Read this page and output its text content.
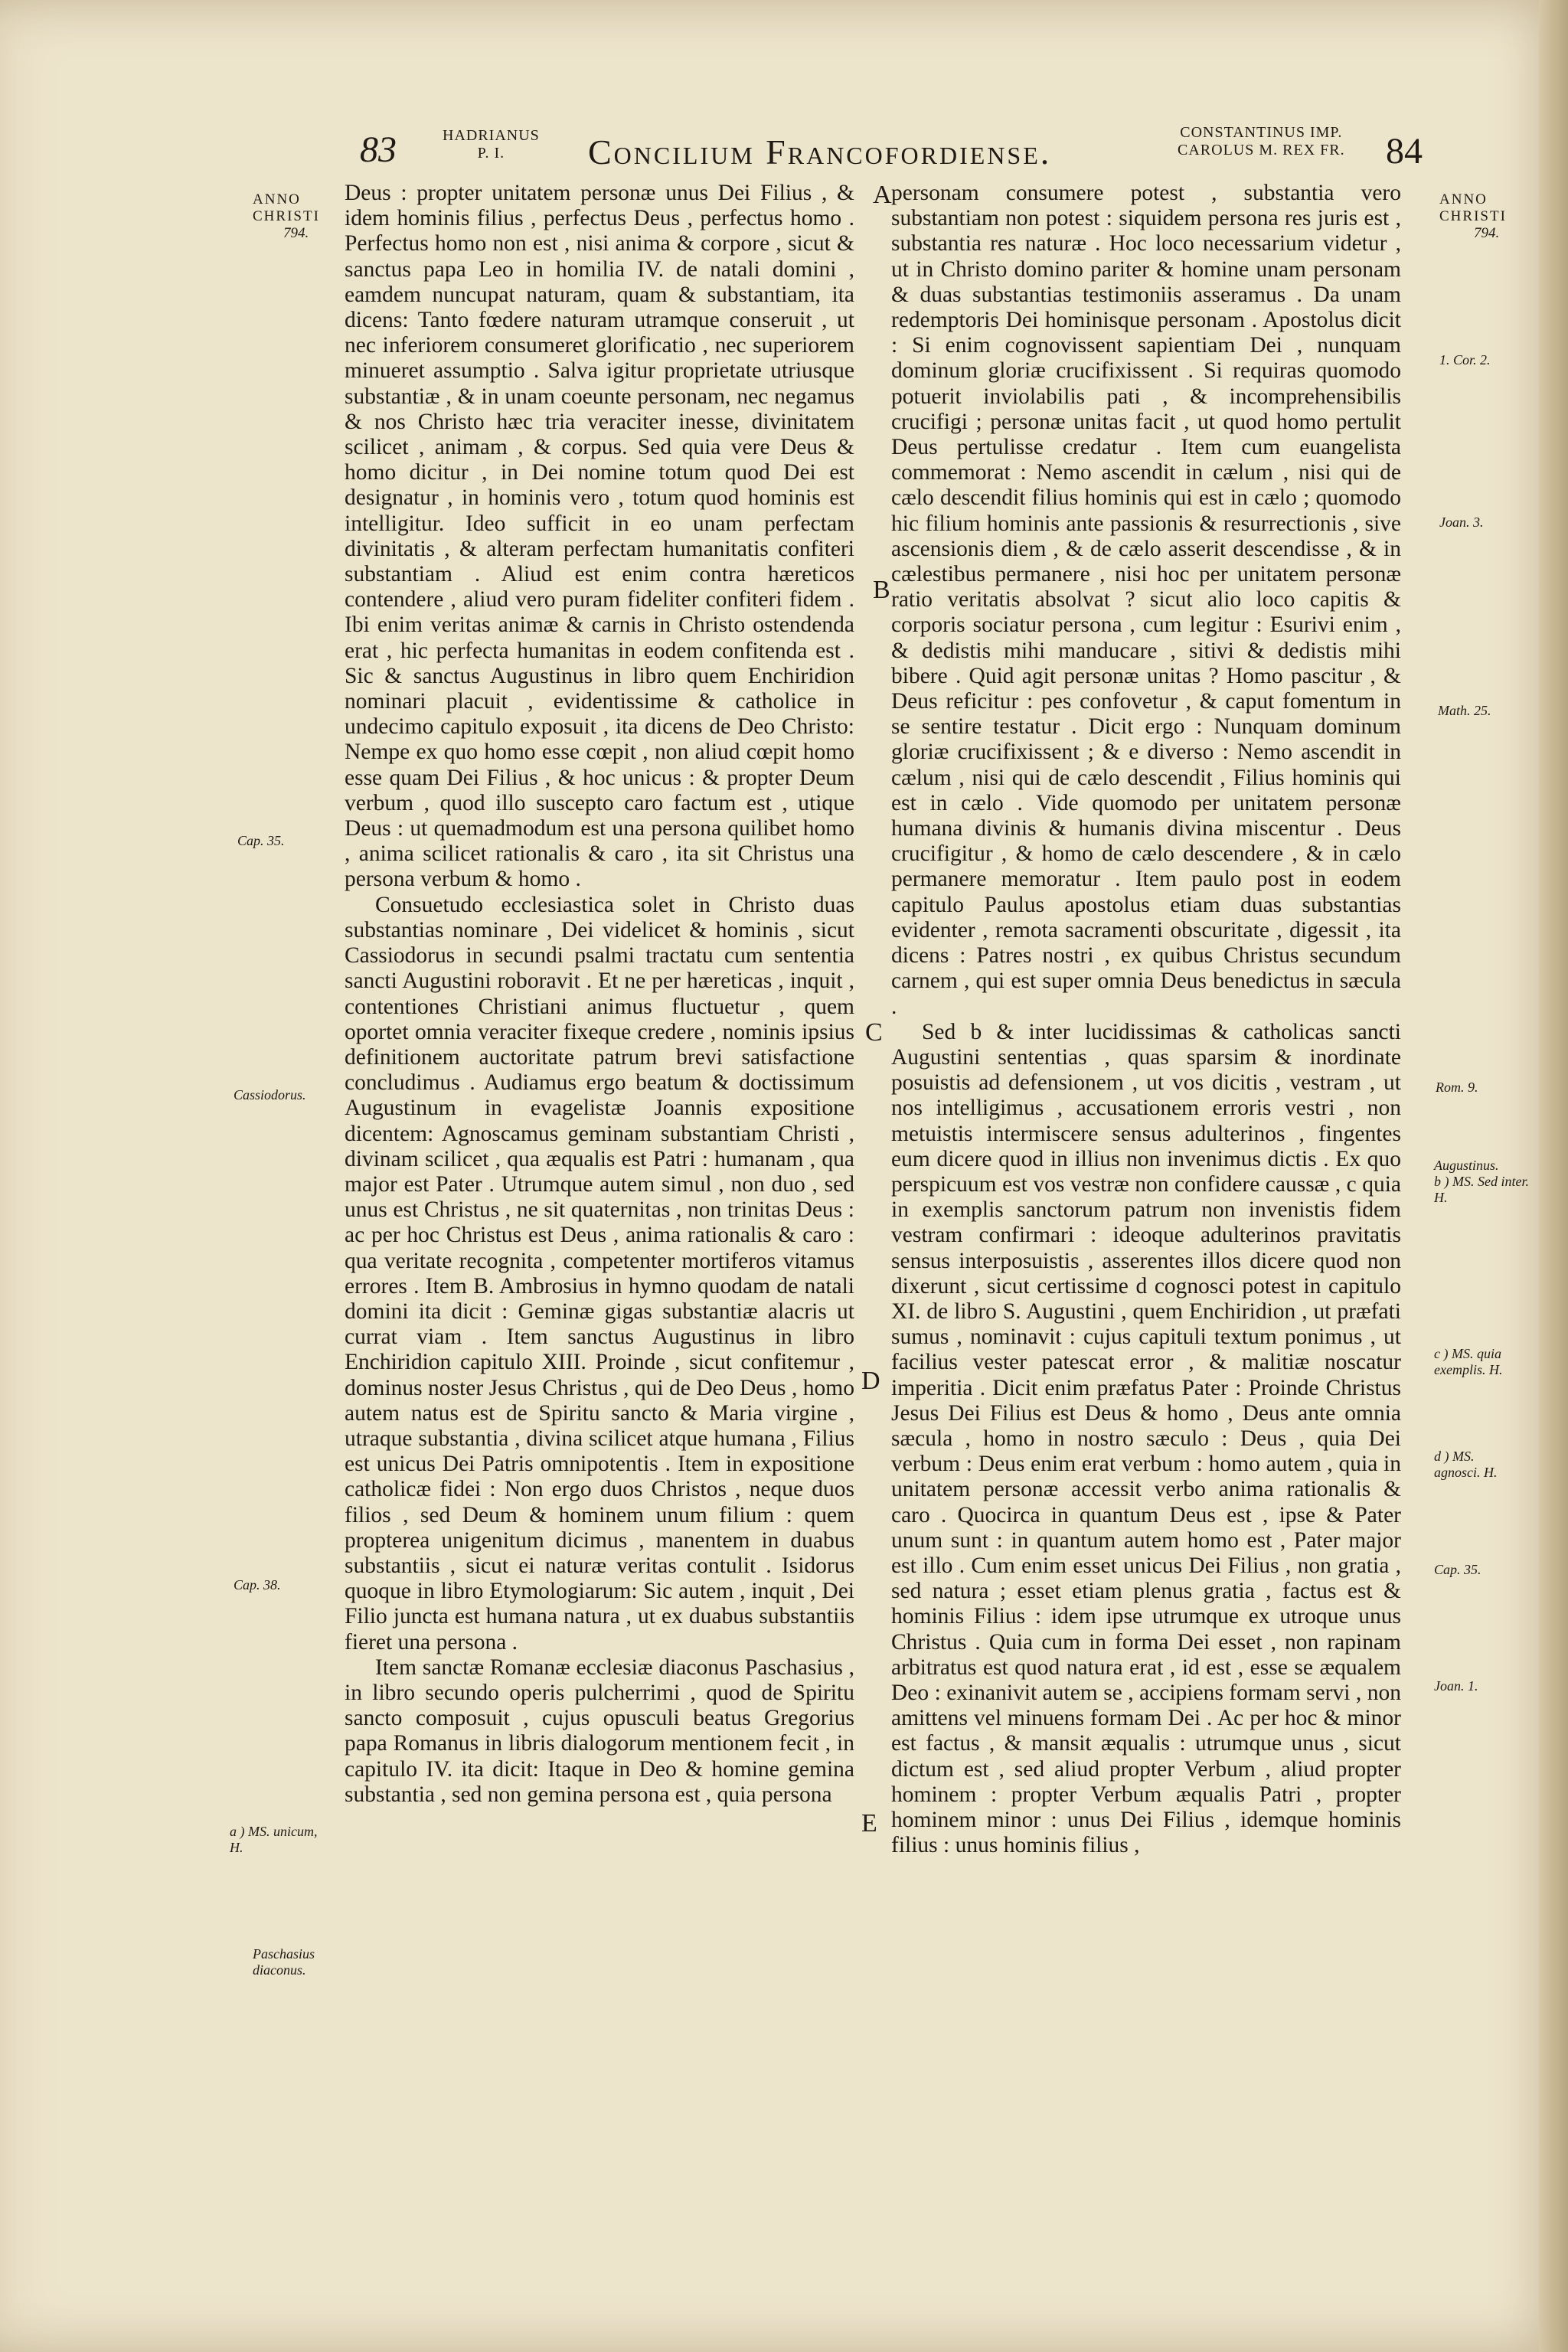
83	HADRIANUS
P. I.	Concilium Francofordiense.	CONSTANTINUS IMP.
CAROLUS M. REX FR. 84
ANNO
CHRISTI
794.
Cap. 35.
Cassiodorus.
Cap. 38.
a ) MS. unicum, H.
Paschasius diaconus.
A
B
C
D
E

Deus : propter unitatem personæ unus Dei Filius , & idem hominis filius , perfectus Deus , perfectus homo . Perfectus homo non est , nisi anima & corpore , sicut & sanctus papa Leo in homilia IV. de natali domini , eamdem nuncupat naturam, quam & substantiam, ita dicens: Tanto fœdere naturam utramque conseruit , ut nec inferiorem consumeret glorificatio , nec superiorem minueret assumptio . Salva igitur proprietate utriusque substantiæ , & in unam coeunte personam, nec negamus & nos Christo hæc tria veraciter inesse, divinitatem scilicet , animam , & corpus. Sed quia vere Deus & homo dicitur , in Dei nomine totum quod Dei est designatur , in hominis vero , totum quod hominis est intelligitur. Ideo sufficit in eo unam perfectam divinitatis , & alteram perfectam humanitatis confiteri substantiam . Aliud est enim contra hæreticos contendere , aliud vero puram fideliter confiteri fidem . Ibi enim veritas animæ & carnis in Christo ostendenda erat , hic perfecta humanitas in eodem confitenda est . Sic & sanctus Augustinus in libro quem Enchiridion nominari placuit , evidentissime & catholice in undecimo capitulo exposuit , ita dicens de Deo Christo: Nempe ex quo homo esse cœpit , non aliud cœpit homo esse quam Dei Filius , & hoc unicus : & propter Deum verbum , quod illo suscepto caro factum est , utique Deus : ut quemadmodum est una persona quilibet homo , anima scilicet rationalis & caro , ita sit Christus una persona verbum & homo .

Consuetudo ecclesiastica solet in Christo duas substantias nominare , Dei videlicet & hominis , sicut Cassiodorus in secundi psalmi tractatu cum sententia sancti Augustini roboravit . Et ne per hæreticas , inquit , contentiones Christiani animus fluctuetur , quem oportet omnia veraciter fixeque credere , nominis ipsius definitionem auctoritate patrum brevi satisfactione concludimus . Audiamus ergo beatum & doctissimum Augustinum in evagelistæ Joannis expositione dicentem: Agnoscamus geminam substantiam Christi , divinam scilicet , qua æqualis est Patri : humanam , qua major est Pater . Utrumque autem simul , non duo , sed unus est Christus , ne sit quaternitas , non trinitas Deus : ac per hoc Christus est Deus , anima rationalis & caro : qua veritate recognita , competenter mortiferos vitamus errores . Item B. Ambrosius in hymno quodam de natali domini ita dicit : Geminæ gigas substantiæ alacris ut currat viam . Item sanctus Augustinus in libro Enchiridion capitulo XIII. Proinde , sicut confitemur , dominus noster Jesus Christus , qui de Deo Deus , homo autem natus est de Spiritu sancto & Maria virgine , utraque substantia , divina scilicet atque humana , Filius est unicus Dei Patris omnipotentis . Item in expositione catholicæ fidei : Non ergo duos Christos , neque duos filios , sed Deum & hominem unum filium : quem propterea unigenitum dicimus , manentem in duabus substantiis , sicut ei naturæ veritas contulit . Isidorus quoque in libro Etymologiarum: Sic autem , inquit , Dei Filio juncta est humana natura , ut ex duabus substantiis fieret una persona .

Item sanctæ Romanæ ecclesiæ diaconus Paschasius , in libro secundo operis pulcherrimi , quod de Spiritu sancto composuit , cujus opusculi beatus Gregorius papa Romanus in libris dialogorum mentionem fecit , in capitulo IV. ita dicit: Itaque in Deo & homine gemina substantia , sed non gemina persona est , quia persona

personam consumere potest , substantia vero substantiam non potest : siquidem persona res juris est , substantia res naturæ . Hoc loco necessarium videtur , ut in Christo domino pariter & homine unam personam & duas substantias testimoniis asseramus . Da unam redemptoris Dei hominisque personam . Apostolus dicit : Si enim cognovissent sapientiam Dei , nunquam dominum gloriæ crucifixissent . Si requiras quomodo potuerit inviolabilis pati , & incomprehensibilis crucifigi ; personæ unitas facit , ut quod homo pertulit Deus pertulisse credatur . Item cum euangelista commemorat : Nemo ascendit in cælum , nisi qui de cælo descendit filius hominis qui est in cælo ; quomodo hic filium hominis ante passionis & resurrectionis , sive ascensionis diem , & de cælo asserit descendisse , & in cælestibus permanere , nisi hoc per unitatem personæ ratio veritatis absolvat ? sicut alio loco capitis & corporis sociatur persona , cum legitur : Esurivi enim , & dedistis mihi manducare , sitivi & dedistis mihi bibere . Quid agit personæ unitas ? Homo pascitur , & Deus reficitur : pes confovetur , & caput fomentum in se sentire testatur . Dicit ergo : Nunquam dominum gloriæ crucifixissent ; & e diverso : Nemo ascendit in cælum , nisi qui de cælo descendit , Filius hominis qui est in cælo . Vide quomodo per unitatem personæ humana divinis & humanis divina miscentur . Deus crucifigitur , & homo de cælo descendere , & in cælo permanere memoratur . Item paulo post in eodem capitulo Paulus apostolus etiam duas substantias evidenter , remota sacramenti obscuritate , digessit , ita dicens : Patres nostri , ex quibus Christus secundum carnem , qui est super omnia Deus benedictus in sæcula .

Sed b & inter lucidissimas & catholicas sancti Augustini sententias , quas sparsim & inordinate posuistis ad defensionem , ut vos dicitis , vestram , ut nos intelligimus , accusationem erroris vestri , non metuistis intermiscere sensus adulterinos , fingentes eum dicere quod in illius non invenimus dictis . Ex quo perspicuum est vos vestræ non confidere caussæ , c quia in exemplis sanctorum patrum non invenistis fidem vestram confirmari : ideoque adulterinos pravitatis sensus interposuistis , asserentes illos dicere quod non dixerunt , sicut certissime d cognosci potest in capitulo XI. de libro S. Augustini , quem Enchiridion , ut præfati sumus , nominavit : cujus capituli textum ponimus , ut facilius vester patescat error , & malitiæ noscatur imperitia . Dicit enim præfatus Pater : Proinde Christus Jesus Dei Filius est Deus & homo , Deus ante omnia sæcula , homo in nostro sæculo : Deus , quia Dei verbum : Deus enim erat verbum : homo autem , quia in unitatem personæ accessit verbo anima rationalis & caro . Quocirca in quantum Deus est , ipse & Pater unum sunt : in quantum autem homo est , Pater major est illo . Cum enim esset unicus Dei Filius , non gratia , sed natura ; esset etiam plenus gratia , factus est & hominis Filius : idem ipse utrumque ex utroque unus Christus . Quia cum in forma Dei esset , non rapinam arbitratus est quod natura erat , id est , esse se æqualem Deo : exinanivit autem se , accipiens formam servi , non amittens vel minuens formam Dei . Ac per hoc & minor est factus , & mansit æqualis : utrumque unus , sicut dictum est , sed aliud propter Verbum , aliud propter hominem : propter Verbum æqualis Patri , propter hominem minor : unus Dei Filius , idemque hominis filius : unus hominis filius ,

ANNO
CHRISTI
794.
1. Cor. 2.
Joan. 3.
Math. 25.
Rom. 9.
Augustinus.
b ) MS. Sed inter. H.
c ) MS. quia exemplis. H.
d ) MS. agnosci. H.
Cap. 35.
Joan. 1.
